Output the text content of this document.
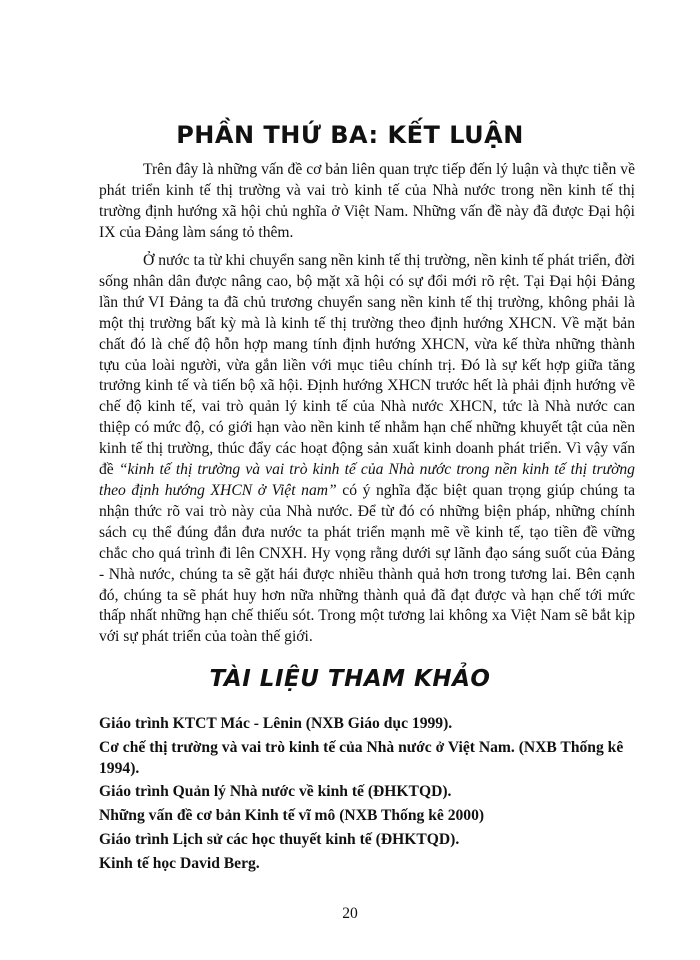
PHẦN THỨ BA: KẾT LUẬN

Trên đây là những vấn đề cơ bản liên quan trực tiếp đến lý luận và thực tiễn về phát triển kinh tế thị trường và vai trò kinh tế của Nhà nước trong nền kinh tế thị trường định hướng xã hội chủ nghĩa ở Việt Nam. Những vấn đề này đã được Đại hội IX của Đảng làm sáng tỏ thêm.

Ở nước ta từ khi chuyển sang nền kinh tế thị trường, nền kinh tế phát triển, đời sống nhân dân được nâng cao, bộ mặt xã hội có sự đổi mới rõ rệt. Tại Đại hội Đảng lần thứ VI Đảng ta đã chủ trương chuyển sang nền kinh tế thị trường, không phải là một thị trường bất kỳ mà là kinh tế thị trường theo định hướng XHCN. Về mặt bản chất đó là chế độ hỗn hợp mang tính định hướng XHCN, vừa kế thừa những thành tựu của loài người, vừa gắn liền với mục tiêu chính trị. Đó là sự kết hợp giữa tăng trưởng kinh tế và tiến bộ xã hội. Định hướng XHCN trước hết là phải định hướng về chế độ kinh tế, vai trò quản lý kinh tế của Nhà nước XHCN, tức là Nhà nước can thiệp có mức độ, có giới hạn vào nền kinh tế nhằm hạn chế những khuyết tật của nền kinh tế thị trường, thúc đẩy các hoạt động sản xuất kinh doanh phát triển. Vì vậy vấn đề “kinh tế thị trường và vai trò kinh tế của Nhà nước trong nền kinh tế thị trường theo định hướng XHCN ở Việt nam” có ý nghĩa đặc biệt quan trọng giúp chúng ta nhận thức rõ vai trò này của Nhà nước. Để từ đó có những biện pháp, những chính sách cụ thể đúng đắn đưa nước ta phát triển mạnh mẽ về kinh tế, tạo tiền đề vững chắc cho quá trình đi lên CNXH. Hy vọng rằng dưới sự lãnh đạo sáng suốt của Đảng - Nhà nước, chúng ta sẽ gặt hái được nhiều thành quả hơn trong tương lai. Bên cạnh đó, chúng ta sẽ phát huy hơn nữa những thành quả đã đạt được và hạn chế tới mức thấp nhất những hạn chế thiếu sót. Trong một tương lai không xa Việt Nam sẽ bắt kịp với sự phát triển của toàn thế giới.

TÀI LIỆU THAM KHẢO
Giáo trình KTCT Mác - Lênin (NXB Giáo dục 1999).
Cơ chế thị trường và vai trò kinh tế của Nhà nước ở Việt Nam. (NXB Thống kê 1994).
Giáo trình Quản lý Nhà nước về kinh tế (ĐHKTQD).
Những vấn đề cơ bản Kinh tế vĩ mô (NXB Thống kê 2000)
Giáo trình Lịch sử các học thuyết kinh tế (ĐHKTQD).
Kinh tế học David Berg.
20
